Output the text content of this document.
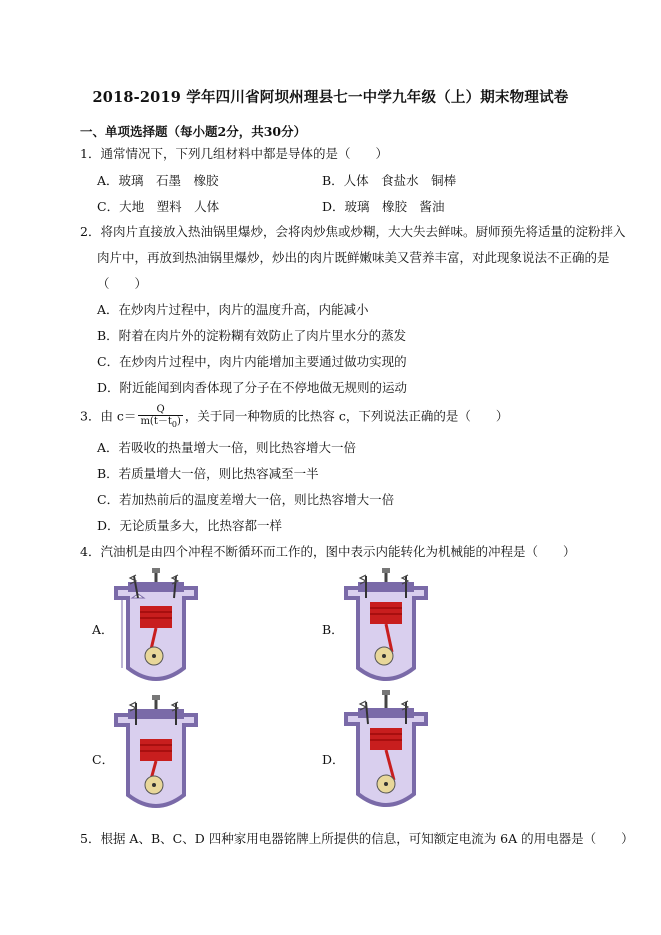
2018-2019 学年四川省阿坝州理县七一中学九年级（上）期末物理试卷
一、单项选择题（每小题2分，共30分）
1．通常情况下，下列几组材料中都是导体的是（　　）
A．玻璃　石墨　橡胶	B．人体　食盐水　铜棒
C．大地　塑料　人体	D．玻璃　橡胶　酱油
2．将肉片直接放入热油锅里爆炒，会将肉炒焦或炒糊，大大失去鲜味。厨师预先将适量的淀粉拌入
肉片中，再放到热油锅里爆炒，炒出的肉片既鲜嫩味美又营养丰富，对此现象说法不正确的是
（　　）
A．在炒肉片过程中，肉片的温度升高，内能减小
B．附着在肉片外的淀粉糊有效防止了肉片里水分的蒸发
C．在炒肉片过程中，肉片内能增加主要通过做功实现的
D．附近能闻到肉香体现了分子在不停地做无规则的运动
3．由 $c= \frac{Q}{m(t-t_0)}$ ，关于同一种物质的比热容 c，下列说法正确的是（　　）
A．若吸收的热量增大一倍，则比热容增大一倍
B．若质量增大一倍，则比热容减至一半
C．若加热前后的温度差增大一倍，则比热容增大一倍
D．无论质量多大，比热容都一样
4．汽油机是由四个冲程不断循环而工作的，图中表示内能转化为机械能的冲程是（　　）
A．	B．
C．	D．
5．根据 A、B、C、D 四种家用电器铭牌上所提供的信息，可知额定电流为 6A 的用电器是（　　）
